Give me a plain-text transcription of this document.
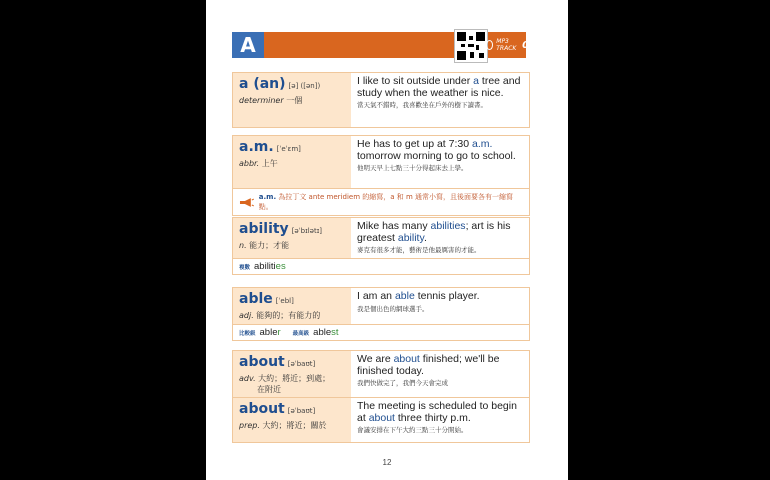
A	MP3 TRACK 001
a (an) [ə] ([ən])
determiner 一個
I like to sit outside under a tree and study when the weather is nice.
當天氣不錯時，我喜歡坐在戶外的樹下讀書。
a.m. [ˈeˈɛm]
abbr. 上午
He has to get up at 7:30 a.m. tomorrow morning to go to school.
他明天早上七點三十分得起床去上學。
a.m. 為拉丁文 ante meridiem 的縮寫，a 和 m 通常小寫，且後面要各有一縮寫點。
ability [əˈbɪlətɪ]
n. 能力；才能
Mike has many abilities; art is his greatest ability.
麥克有很多才能，藝術是他最厲害的才能。
複數 abilities
able [ˈebl]
adj. 能夠的；有能力的
I am an able tennis player.
我是個出色的網球選手。
比較級 abler 最高級 ablest
about [əˈbaʊt]
adv. 大約；將近；到處；
在附近
We are about finished; we'll be finished today.
我們快做完了，我們今天會完成
about [əˈbaʊt]
prep. 大約；將近；關於
The meeting is scheduled to begin at about three thirty p.m.
會議安排在下午大約三點三十分開始。
12
